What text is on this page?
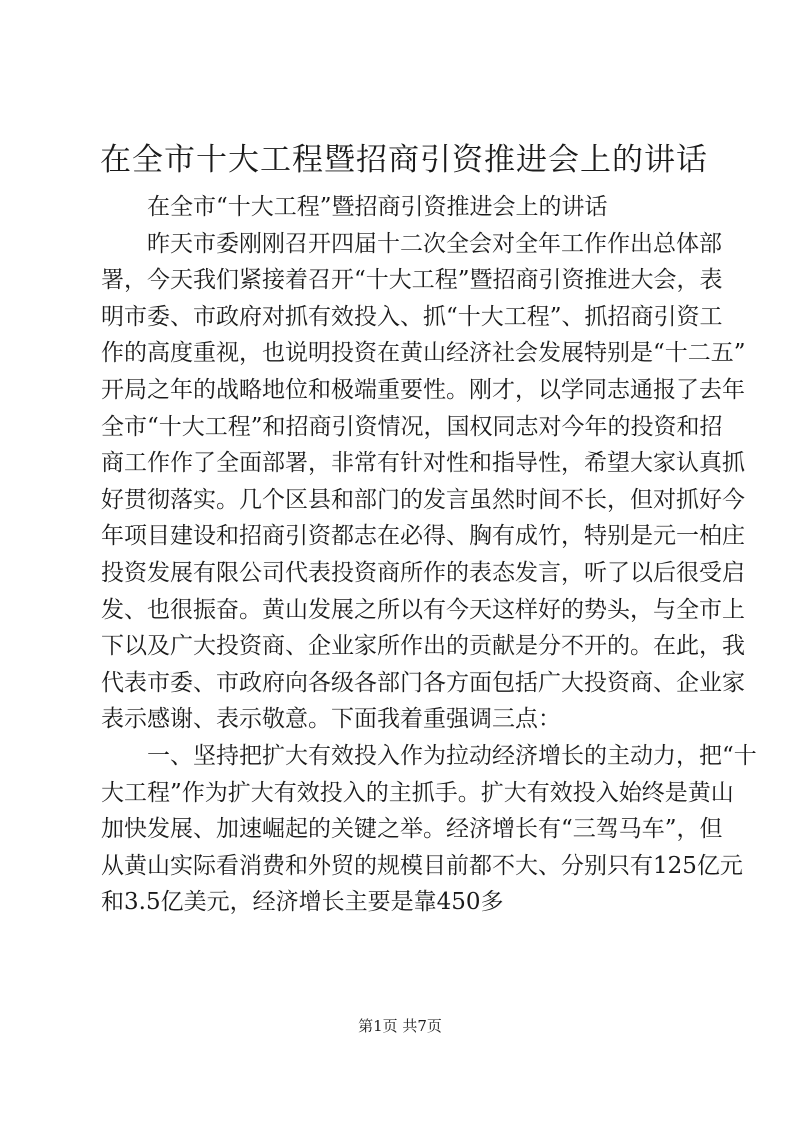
在全市十大工程暨招商引资推进会上的讲话
在全市“十大工程”暨招商引资推进会上的讲话
昨天市委刚刚召开四届十二次全会对全年工作作出总体部
署，今天我们紧接着召开“十大工程”暨招商引资推进大会，表
明市委、市政府对抓有效投入、抓“十大工程”、抓招商引资工
作的高度重视，也说明投资在黄山经济社会发展特别是“十二五”
开局之年的战略地位和极端重要性。刚才，以学同志通报了去年
全市“十大工程”和招商引资情况，国权同志对今年的投资和招
商工作作了全面部署，非常有针对性和指导性，希望大家认真抓
好贯彻落实。几个区县和部门的发言虽然时间不长，但对抓好今
年项目建设和招商引资都志在必得、胸有成竹，特别是元一柏庄
投资发展有限公司代表投资商所作的表态发言，听了以后很受启
发、也很振奋。黄山发展之所以有今天这样好的势头，与全市上
下以及广大投资商、企业家所作出的贡献是分不开的。在此，我
代表市委、市政府向各级各部门各方面包括广大投资商、企业家
表示感谢、表示敬意。下面我着重强调三点：
一、坚持把扩大有效投入作为拉动经济增长的主动力，把“十
大工程”作为扩大有效投入的主抓手。扩大有效投入始终是黄山
加快发展、加速崛起的关键之举。经济增长有“三驾马车”，但
从黄山实际看消费和外贸的规模目前都不大、分别只有125亿元
和3.5亿美元，经济增长主要是靠450多
第1页 共7页
